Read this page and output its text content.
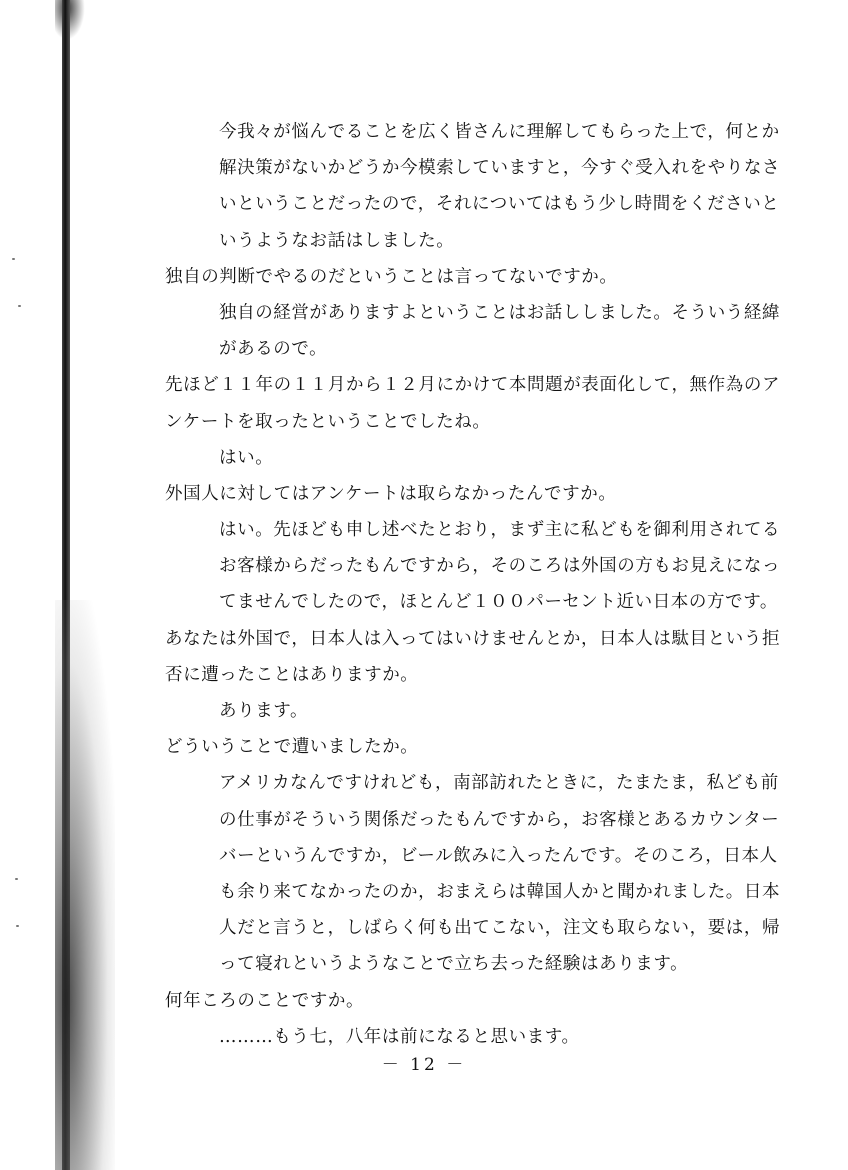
今我々が悩んでることを広く皆さんに理解してもらった上で，何とか
解決策がないかどうか今模索していますと，今すぐ受入れをやりなさ
いということだったので，それについてはもう少し時間をくださいと
いうようなお話はしました。
独自の判断でやるのだということは言ってないですか。
独自の経営がありますよということはお話ししました。そういう経緯
があるので。
先ほど１１年の１１月から１２月にかけて本問題が表面化して，無作為のア
ンケートを取ったということでしたね。
はい。
外国人に対してはアンケートは取らなかったんですか。
はい。先ほども申し述べたとおり，まず主に私どもを御利用されてる
お客様からだったもんですから，そのころは外国の方もお見えになっ
てませんでしたので，ほとんど１００パーセント近い日本の方です。
あなたは外国で，日本人は入ってはいけませんとか，日本人は駄目という拒
否に遭ったことはありますか。
あります。
どういうことで遭いましたか。
アメリカなんですけれども，南部訪れたときに，たまたま，私ども前
の仕事がそういう関係だったもんですから，お客様とあるカウンター
バーというんですか，ビール飲みに入ったんです。そのころ，日本人
も余り来てなかったのか，おまえらは韓国人かと聞かれました。日本
人だと言うと，しばらく何も出てこない，注文も取らない，要は，帰
って寝れというようなことで立ち去った経験はあります。
何年ころのことですか。
………もう七，八年は前になると思います。
－ 12 －
